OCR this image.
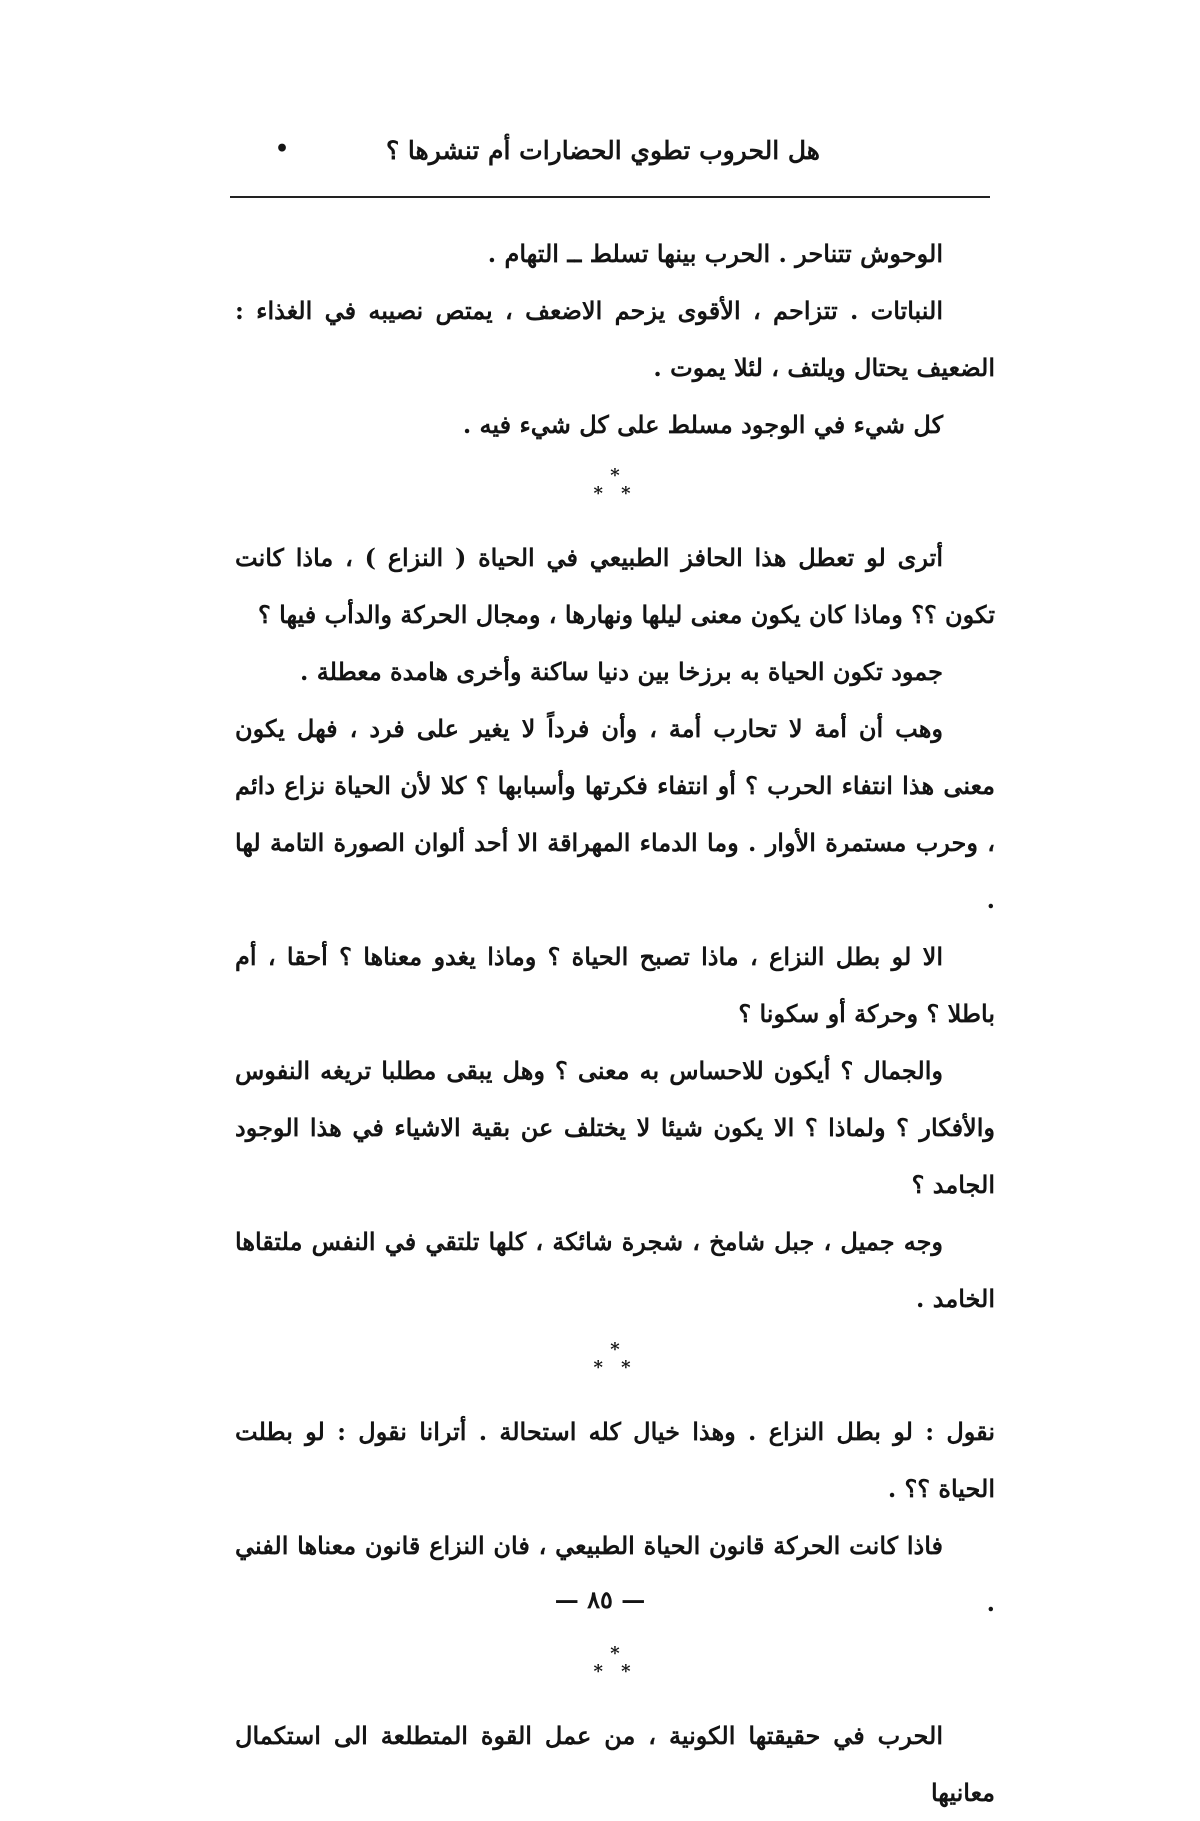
•	هل الحروب تطوي الحضارات أم تنشرها ؟

الوحوش تتناحر . الحرب بينها تسلط ــ التهام .

النباتات . تتزاحم ، الأقوى يزحم الاضعف ، يمتص نصيبه في الغذاء : الضعيف يحتال ويلتف ، لئلا يموت .

كل شيء في الوجود مسلط على كل شيء فيه .

*
* *

أترى لو تعطل هذا الحافز الطبيعي في الحياة ( النزاع ) ، ماذا كانت تكون ؟؟ وماذا كان يكون معنى ليلها ونهارها ، ومجال الحركة والدأب فيها ؟

جمود تكون الحياة به برزخا بين دنيا ساكنة وأخرى هامدة معطلة .

وهب أن أمة لا تحارب أمة ، وأن فرداً لا يغير على فرد ، فهل يكون معنى هذا انتفاء الحرب ؟ أو انتفاء فكرتها وأسبابها ؟ كلا لأن الحياة نزاع دائم ، وحرب مستمرة الأوار . وما الدماء المهراقة الا أحد ألوان الصورة التامة لها .

الا لو بطل النزاع ، ماذا تصبح الحياة ؟ وماذا يغدو معناها ؟ أحقا ، أم باطلا ؟ وحركة أو سكونا ؟

والجمال ؟ أيكون للاحساس به معنى ؟ وهل يبقى مطلبا تريغه النفوس والأفكار ؟ ولماذا ؟ الا يكون شيئا لا يختلف عن بقية الاشياء في هذا الوجود الجامد ؟

وجه جميل ، جبل شامخ ، شجرة شائكة ، كلها تلتقي في النفس ملتقاها الخامد .

*
* *

نقول : لو بطل النزاع . وهذا خيال كله استحالة . أترانا نقول : لو بطلت الحياة ؟؟ .

فاذا كانت الحركة قانون الحياة الطبيعي ، فان النزاع قانون معناها الفني .

*
* *

الحرب في حقيقتها الكونية ، من عمل القوة المتطلعة الى استكمال معانيها

— ٨٥ —
